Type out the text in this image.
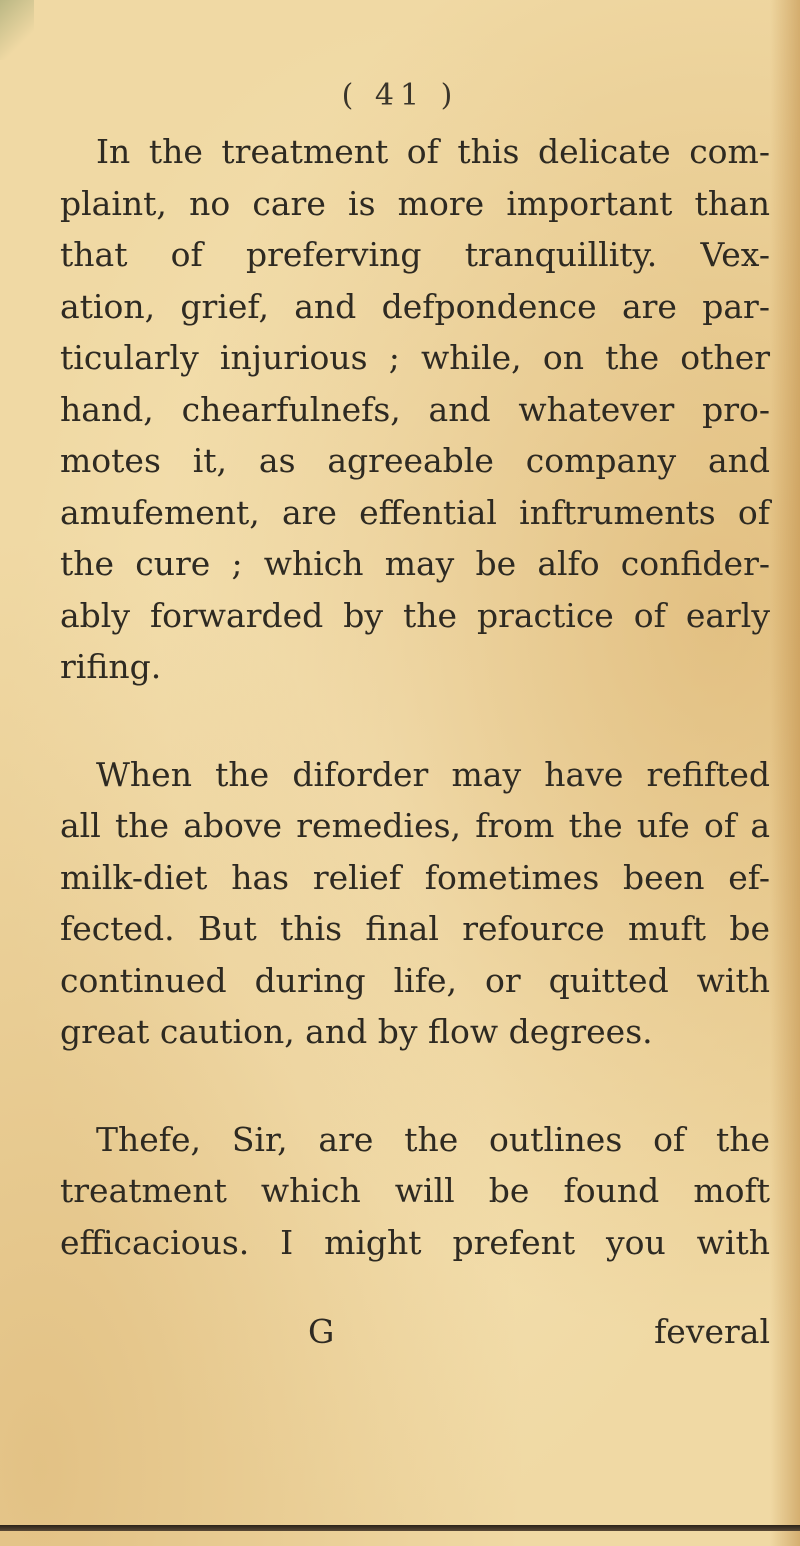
( 41 )
In the treatment of this delicate com-
plaint, no care is more important than
that of preferving tranquillity. Vex-
ation, grief, and defpondence are par-
ticularly injurious ; while, on the other
hand, chearfulnefs, and whatever pro-
motes it, as agreeable company and
amufement, are effential inftruments of
the cure ; which may be alfo confider-
ably forwarded by the practice of early
rifing.
When the diforder may have refifted
all the above remedies, from the ufe of a
milk-diet has relief fometimes been ef-
fected. But this final refource muft be
continued during life, or quitted with
great caution, and by flow degrees.
Thefe, Sir, are the outlines of the
treatment which will be found moft
efficacious. I might prefent you with
G	feveral
